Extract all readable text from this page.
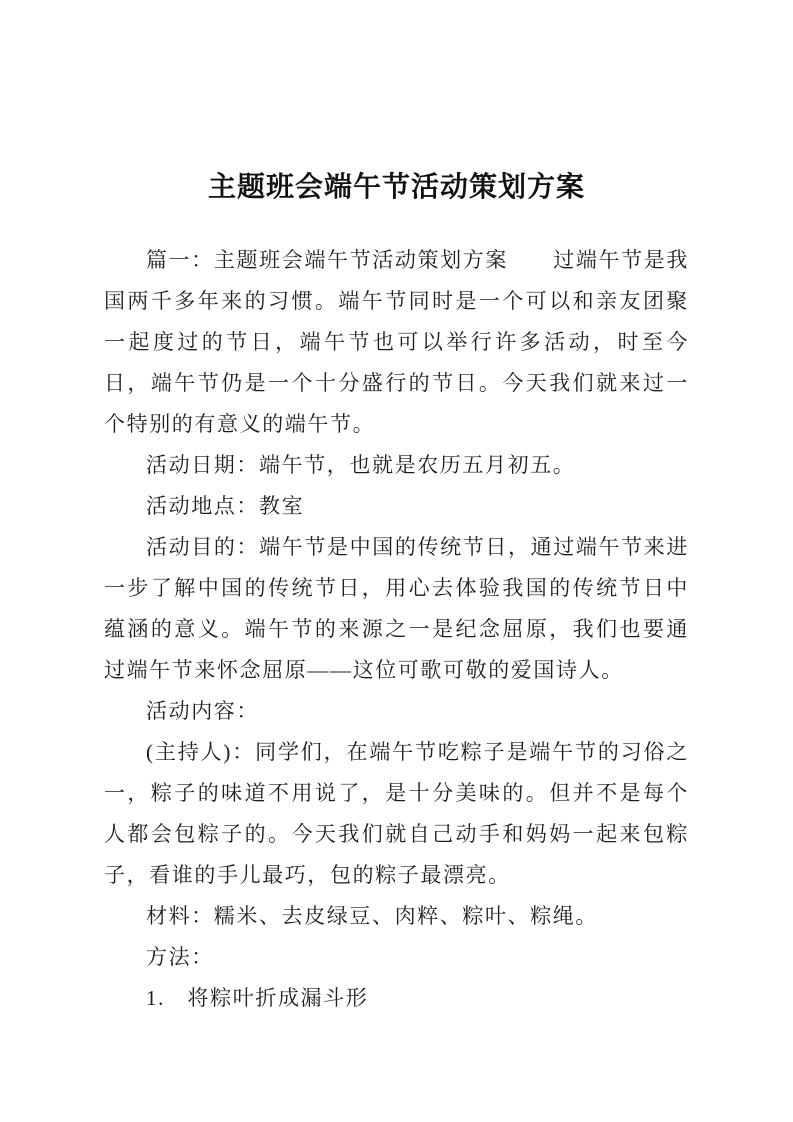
主题班会端午节活动策划方案

篇一：主题班会端午节活动策划方案　　过端午节是我国两千多年来的习惯。端午节同时是一个可以和亲友团聚一起度过的节日，端午节也可以举行许多活动，时至今日，端午节仍是一个十分盛行的节日。今天我们就来过一个特别的有意义的端午节。

活动日期：端午节，也就是农历五月初五。

活动地点：教室

活动目的：端午节是中国的传统节日，通过端午节来进一步了解中国的传统节日，用心去体验我国的传统节日中蕴涵的意义。端午节的来源之一是纪念屈原，我们也要通过端午节来怀念屈原——这位可歌可敬的爱国诗人。

活动内容：

(主持人)：同学们，在端午节吃粽子是端午节的习俗之一，粽子的味道不用说了，是十分美味的。但并不是每个人都会包粽子的。今天我们就自己动手和妈妈一起来包粽子，看谁的手儿最巧，包的粽子最漂亮。

材料：糯米、去皮绿豆、肉粹、粽叶、粽绳。

方法：

1.　将粽叶折成漏斗形
